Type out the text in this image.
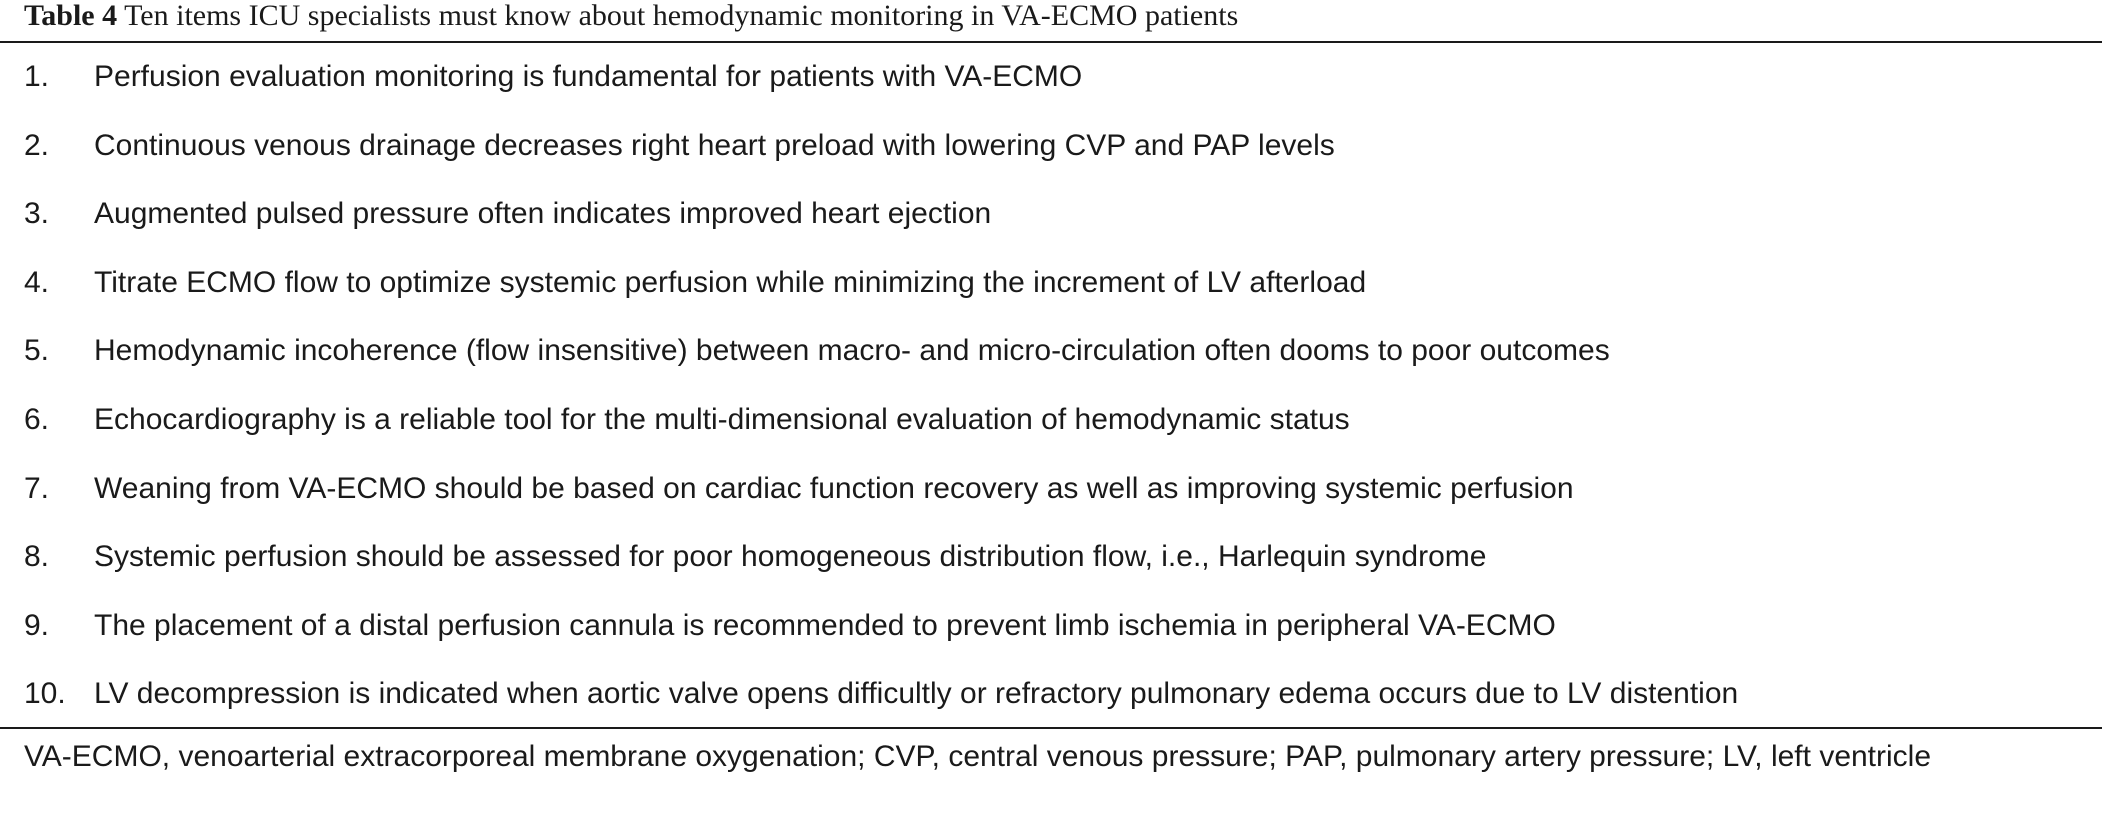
Table 4 Ten items ICU specialists must know about hemodynamic monitoring in VA-ECMO patients
1. Perfusion evaluation monitoring is fundamental for patients with VA-ECMO
2. Continuous venous drainage decreases right heart preload with lowering CVP and PAP levels
3. Augmented pulsed pressure often indicates improved heart ejection
4. Titrate ECMO flow to optimize systemic perfusion while minimizing the increment of LV afterload
5. Hemodynamic incoherence (flow insensitive) between macro- and micro-circulation often dooms to poor outcomes
6. Echocardiography is a reliable tool for the multi-dimensional evaluation of hemodynamic status
7. Weaning from VA-ECMO should be based on cardiac function recovery as well as improving systemic perfusion
8. Systemic perfusion should be assessed for poor homogeneous distribution flow, i.e., Harlequin syndrome
9. The placement of a distal perfusion cannula is recommended to prevent limb ischemia in peripheral VA-ECMO
10. LV decompression is indicated when aortic valve opens difficultly or refractory pulmonary edema occurs due to LV distention
VA-ECMO, venoarterial extracorporeal membrane oxygenation; CVP, central venous pressure; PAP, pulmonary artery pressure; LV, left ventricle
